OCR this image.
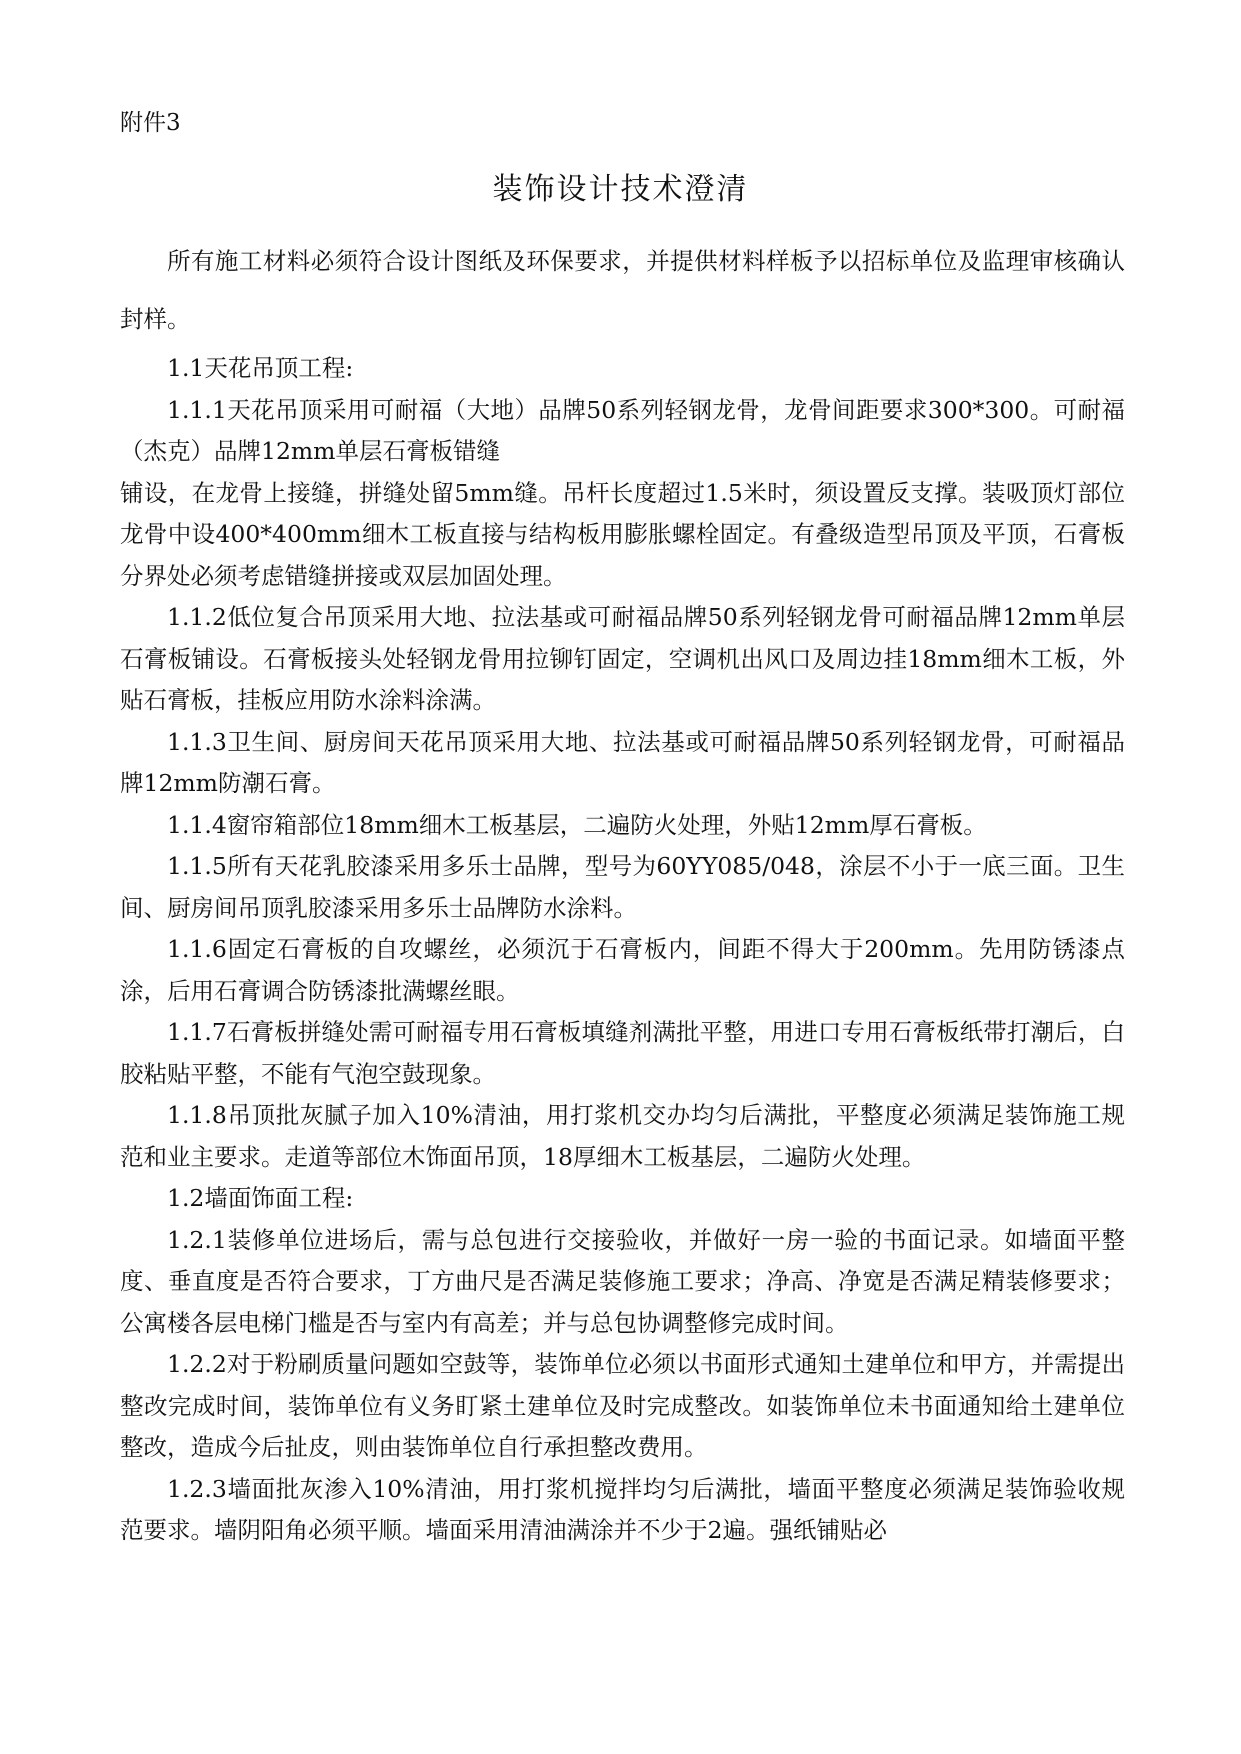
附件3
装饰设计技术澄清

所有施工材料必须符合设计图纸及环保要求，并提供材料样板予以招标单位及监理审核确认封样。

1.1天花吊顶工程:

1.1.1天花吊顶采用可耐福（大地）品牌50系列轻钢龙骨，龙骨间距要求300*300。可耐福（杰克）品牌12mm单层石膏板错缝

铺设，在龙骨上接缝，拼缝处留5mm缝。吊杆长度超过1.5米时，须设置反支撑。装吸顶灯部位龙骨中设400*400mm细木工板直接与结构板用膨胀螺栓固定。有叠级造型吊顶及平顶，石膏板分界处必须考虑错缝拼接或双层加固处理。

1.1.2低位复合吊顶采用大地、拉法基或可耐福品牌50系列轻钢龙骨可耐福品牌12mm单层石膏板铺设。石膏板接头处轻钢龙骨用拉铆钉固定，空调机出风口及周边挂18mm细木工板，外贴石膏板，挂板应用防水涂料涂满。

1.1.3卫生间、厨房间天花吊顶采用大地、拉法基或可耐福品牌50系列轻钢龙骨，可耐福品牌12mm防潮石膏。

1.1.4窗帘箱部位18mm细木工板基层，二遍防火处理，外贴12mm厚石膏板。

1.1.5所有天花乳胶漆采用多乐士品牌，型号为60YY085/048，涂层不小于一底三面。卫生间、厨房间吊顶乳胶漆采用多乐士品牌防水涂料。

1.1.6固定石膏板的自攻螺丝，必须沉于石膏板内，间距不得大于200mm。先用防锈漆点涂，后用石膏调合防锈漆批满螺丝眼。

1.1.7石膏板拼缝处需可耐福专用石膏板填缝剂满批平整，用进口专用石膏板纸带打潮后，白胶粘贴平整，不能有气泡空鼓现象。

1.1.8吊顶批灰腻子加入10%清油，用打浆机交办均匀后满批，平整度必须满足装饰施工规范和业主要求。走道等部位木饰面吊顶，18厚细木工板基层，二遍防火处理。

1.2墙面饰面工程:

1.2.1装修单位进场后，需与总包进行交接验收，并做好一房一验的书面记录。如墙面平整度、垂直度是否符合要求，丁方曲尺是否满足装修施工要求；净高、净宽是否满足精装修要求；公寓楼各层电梯门槛是否与室内有高差；并与总包协调整修完成时间。

1.2.2对于粉刷质量问题如空鼓等，装饰单位必须以书面形式通知土建单位和甲方，并需提出整改完成时间，装饰单位有义务盯紧土建单位及时完成整改。如装饰单位未书面通知给土建单位整改，造成今后扯皮，则由装饰单位自行承担整改费用。

1.2.3墙面批灰渗入10%清油，用打浆机搅拌均匀后满批，墙面平整度必须满足装饰验收规范要求。墙阴阳角必须平顺。墙面采用清油满涂并不少于2遍。强纸铺贴必
